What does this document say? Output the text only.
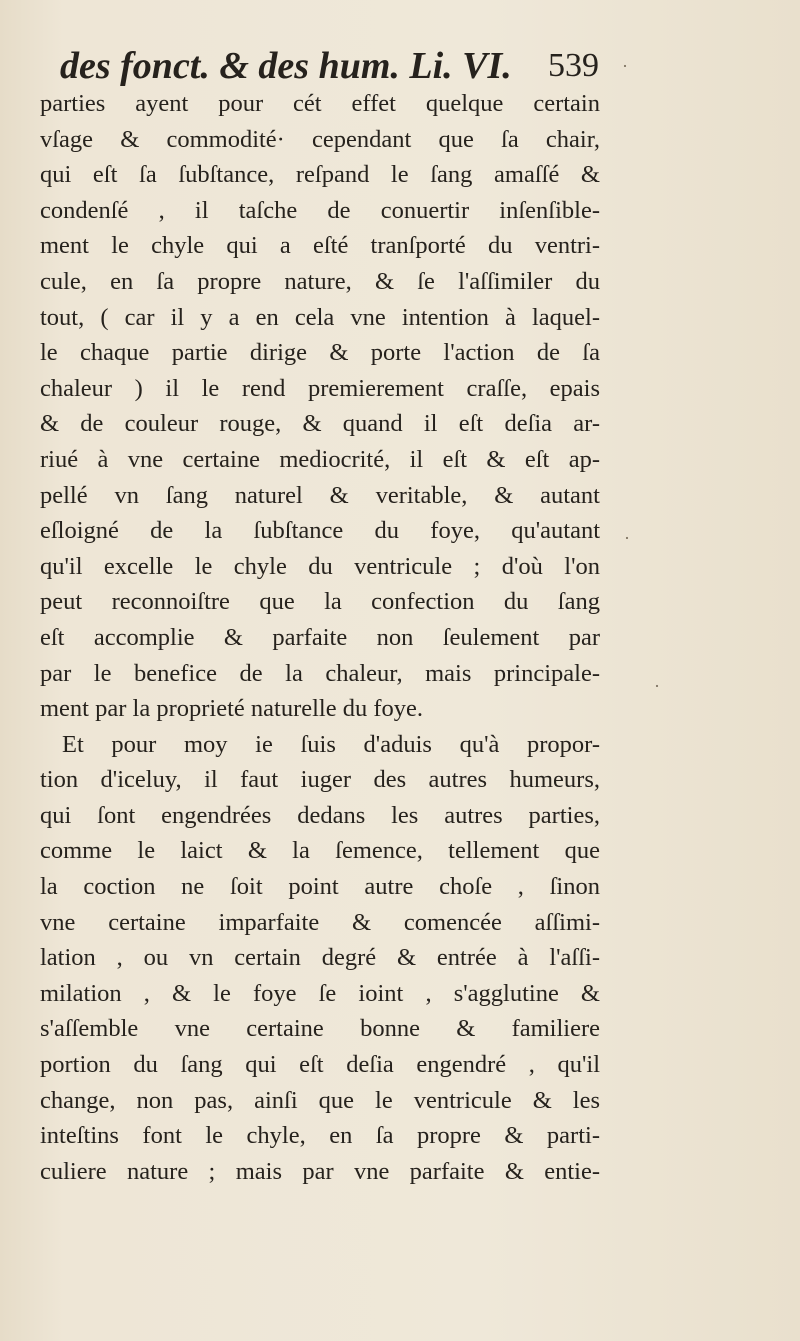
des fonct. & des hum. Li. VI.	539
parties ayent pour cét effet quelque certain
vſage & commodité· cependant que ſa chair,
qui eſt ſa ſubſtance, reſpand le ſang amaſſé &
condenſé , il taſche de conuertir inſenſible-
ment le chyle qui a eſté tranſporté du ventri-
cule, en ſa propre nature, & ſe l'aſſimiler du
tout, ( car il y a en cela vne intention à laquel-
le chaque partie dirige & porte l'action de ſa
chaleur ) il le rend premierement craſſe, epais
& de couleur rouge, & quand il eſt deſia ar-
riué à vne certaine mediocrité, il eſt & eſt ap-
pellé vn ſang naturel & veritable, & autant
eſloigné de la ſubſtance du foye, qu'autant
qu'il excelle le chyle du ventricule ; d'où l'on
peut reconnoiſtre que la confection du ſang
eſt accomplie & parfaite non ſeulement par
par le benefice de la chaleur, mais principale-
ment par la proprieté naturelle du foye.
Et pour moy ie ſuis d'aduis qu'à propor-
tion d'iceluy, il faut iuger des autres humeurs,
qui ſont engendrées dedans les autres parties,
comme le laict & la ſemence, tellement que
la coction ne ſoit point autre choſe , ſinon
vne certaine imparfaite & comencée aſſimi-
lation , ou vn certain degré & entrée à l'aſſi-
milation , & le foye ſe ioint , s'agglutine &
s'aſſemble vne certaine bonne & familiere
portion du ſang qui eſt deſia engendré , qu'il
change, non pas, ainſi que le ventricule & les
inteſtins font le chyle, en ſa propre & parti-
culiere nature ; mais par vne parfaite & entie-
·
·
·
